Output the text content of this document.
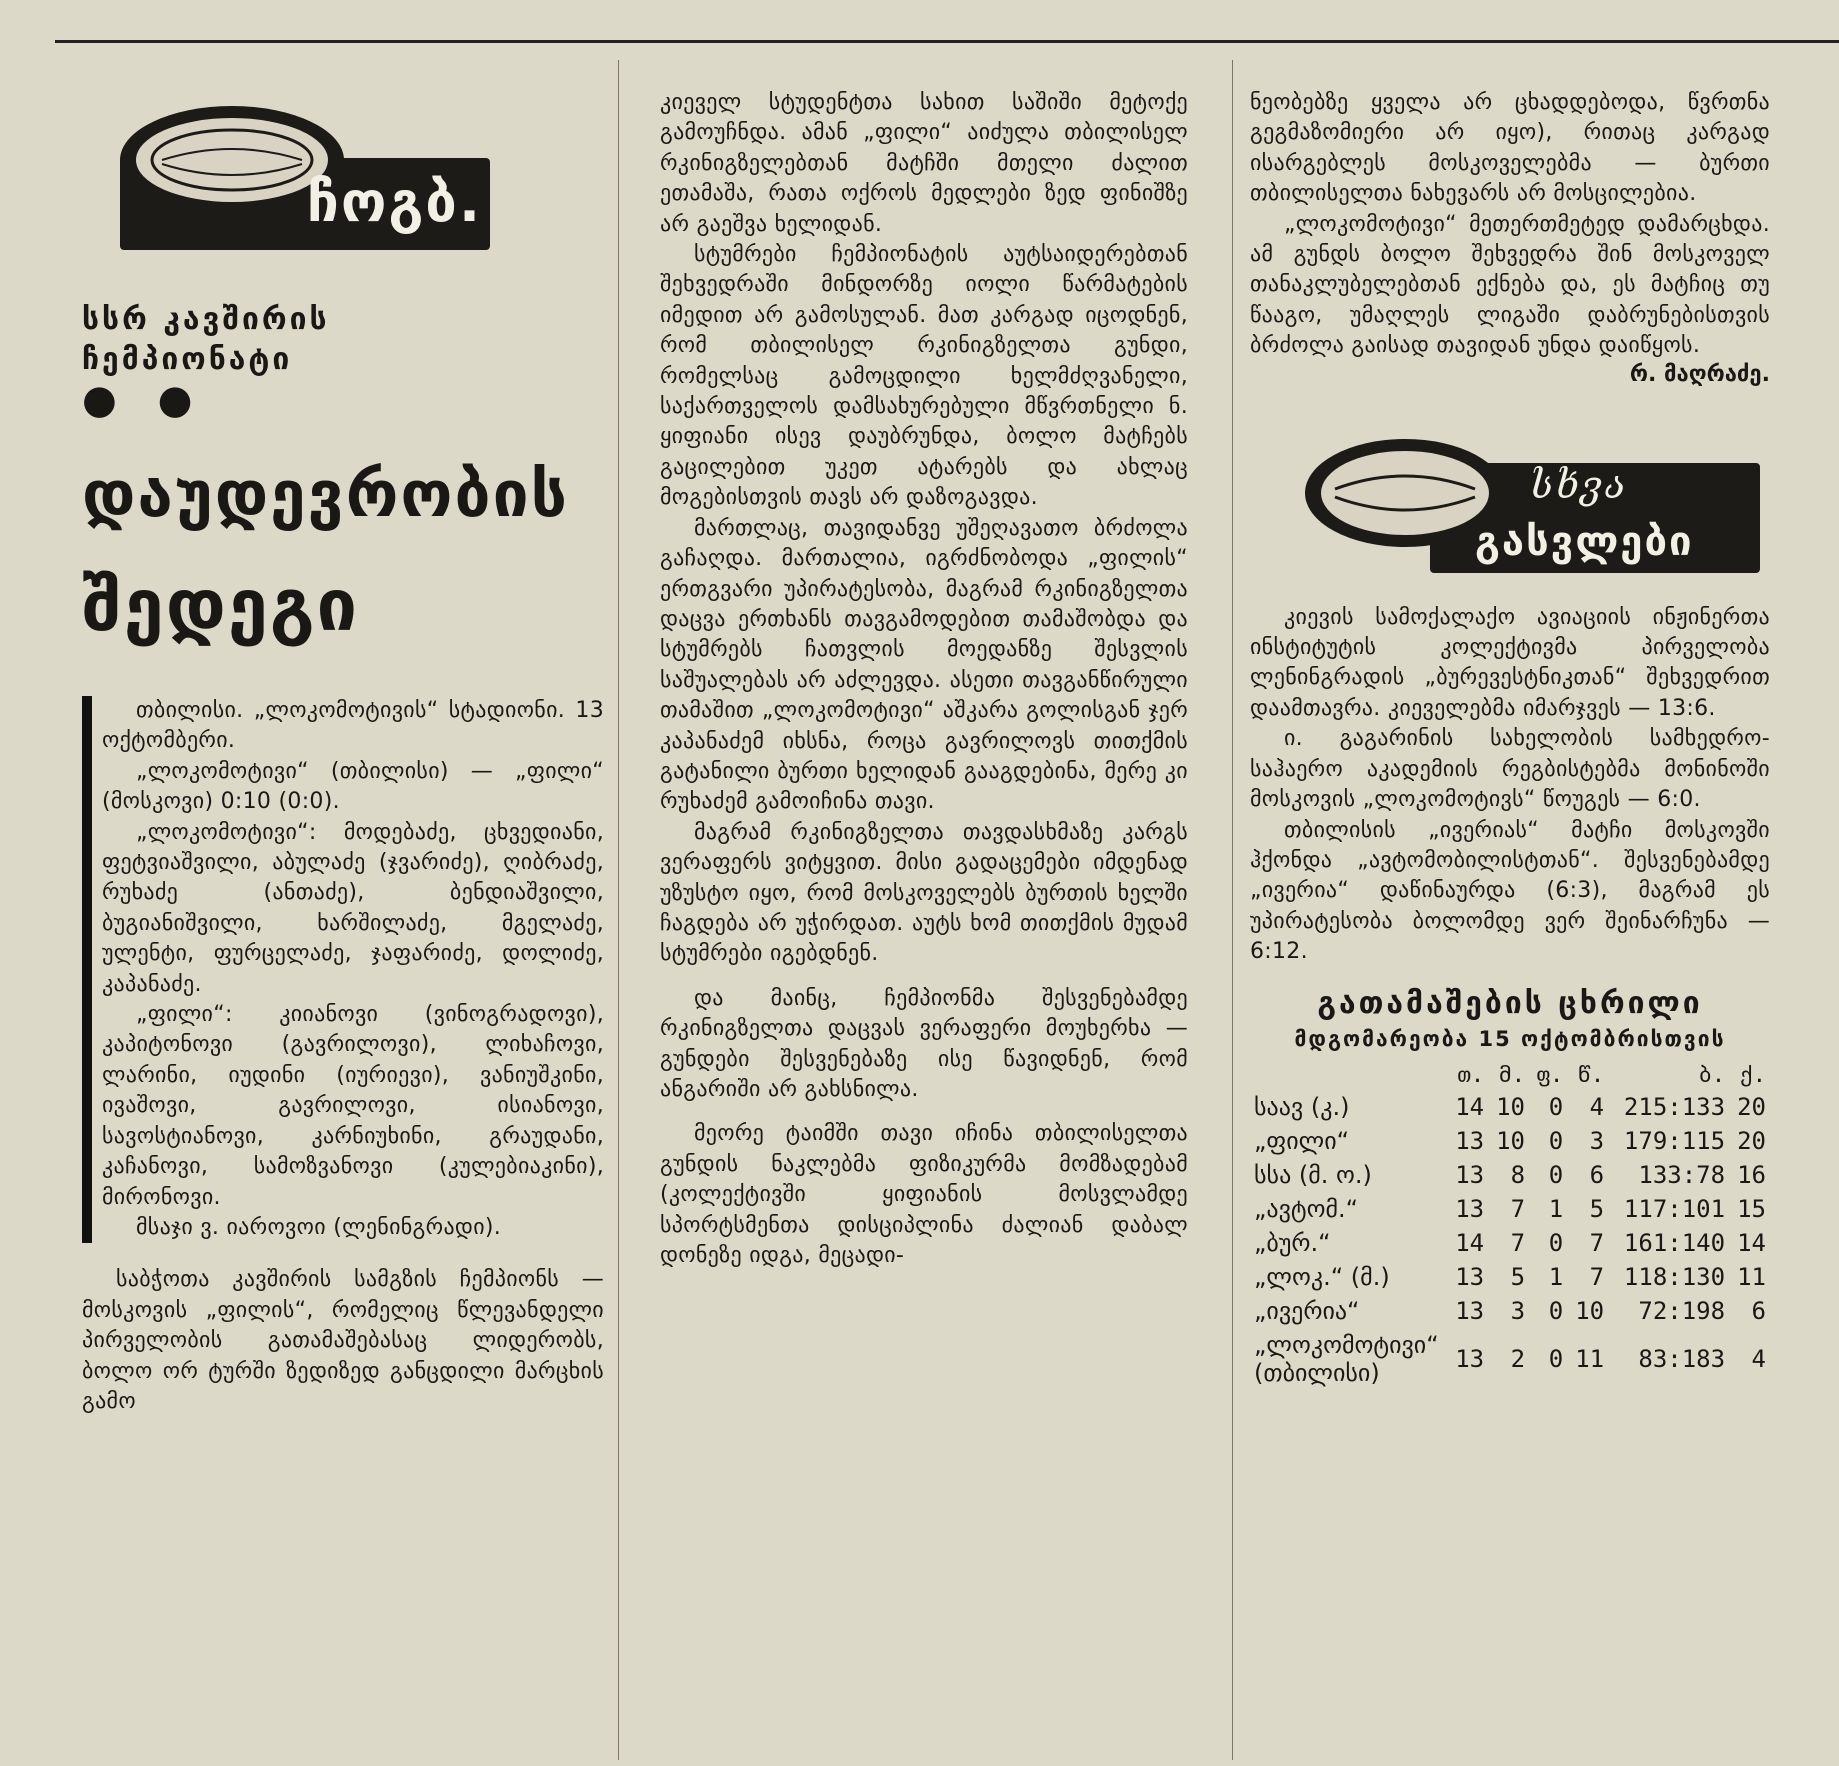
ჩოგბ.

სსრ კავშირის

ჩემპიონატი

● ●

დაუდევრობის

შედეგი

თბილისი. „ლოკომოტივის“ სტადიონი. 13 ოქტომბერი.

„ლოკომოტივი“ (თბილისი) — „ფილი“ (მოსკოვი) 0:10 (0:0).

„ლოკომოტივი“: მოდებაძე, ცხვედიანი, ფეტვიაშვილი, აბულაძე (ჯვარიძე), ღიბრაძე, რუხაძე (ანთაძე), ბენდიაშვილი, ბუგიანიშვილი, ხარშილაძე, მგელაძე, ულენტი, ფურცელაძე, ჯაფარიძე, დოლიძე, კაპანაძე.

„ფილი“: კიიანოვი (ვინოგრადოვი), კაპიტონოვი (გავრილოვი), ლიხაჩოვი, ლარინი, იუდინი (იურიევი), ვანიუშკინი, ივაშოვი, გავრილოვი, ისიანოვი, სავოსტიანოვი, კარნიუხინი, გრაუდანი, კაჩანოვი, სამოზვანოვი (კულებიაკინი), მირონოვი.

მსაჯი ვ. იაროვოი (ლენინგრადი).

საბჭოთა კავშირის სამგზის ჩემპიონს — მოსკოვის „ფილის“, რომელიც წლევანდელი პირველობის გათამაშებასაც ლიდერობს, ბოლო ორ ტურში ზედიზედ განცდილი მარცხის გამო

კიეველ სტუდენტთა სახით საშიში მეტოქე გამოუჩნდა. ამან „ფილი“ აიძულა თბილისელ რკინიგზელებთან მატჩში მთელი ძალით ეთამაშა, რათა ოქროს მედლები ზედ ფინიშზე არ გაეშვა ხელიდან.

სტუმრები ჩემპიონატის აუტსაიდერებთან შეხვედრაში მინდორზე იოლი წარმატების იმედით არ გამოსულან. მათ კარგად იცოდნენ, რომ თბილისელ რკინიგზელთა გუნდი, რომელსაც გამოცდილი ხელმძღვანელი, საქართველოს დამსახურებული მწვრთნელი ნ. ყიფიანი ისევ დაუბრუნდა, ბოლო მატჩებს გაცილებით უკეთ ატარებს და ახლაც მოგებისთვის თავს არ დაზოგავდა.

მართლაც, თავიდანვე უშეღავათო ბრძოლა გაჩაღდა. მართალია, იგრძნობოდა „ფილის“ ერთგვარი უპირატესობა, მაგრამ რკინიგზელთა დაცვა ერთხანს თავგამოდებით თამაშობდა და სტუმრებს ჩათვლის მოედანზე შესვლის საშუალებას არ აძლევდა. ასეთი თავგანწირული თამაშით „ლოკომოტივი“ აშკარა გოლისგან ჯერ კაპანაძემ იხსნა, როცა გავრილოვს თითქმის გატანილი ბურთი ხელიდან გააგდებინა, მერე კი რუხაძემ გამოიჩინა თავი.

მაგრამ რკინიგზელთა თავდასხმაზე კარგს ვერაფერს ვიტყვით. მისი გადაცემები იმდენად უზუსტო იყო, რომ მოსკოველებს ბურთის ხელში ჩაგდება არ უჭირდათ. აუტს ხომ თითქმის მუდამ სტუმრები იგებდნენ.

და მაინც, ჩემპიონმა შესვენებამდე რკინიგზელთა დაცვას ვერაფერი მოუხერხა — გუნდები შესვენებაზე ისე წავიდნენ, რომ ანგარიში არ გახსნილა.

მეორე ტაიმში თავი იჩინა თბილისელთა გუნდის ნაკლებმა ფიზიკურმა მომზადებამ (კოლექტივში ყიფიანის მოსვლამდე სპორტსმენთა დისციპლინა ძალიან დაბალ დონეზე იდგა, მეცადი-

ნეობებზე ყველა არ ცხადდებოდა, წვრთნა გეგმაზომიერი არ იყო), რითაც კარგად ისარგებლეს მოსკოველებმა — ბურთი თბილისელთა ნახევარს არ მოსცილებია.

„ლოკომოტივი“ მეთერთმეტედ დამარცხდა. ამ გუნდს ბოლო შეხვედრა შინ მოსკოველ თანაკლუბელებთან ექნება და, ეს მატჩიც თუ წააგო, უმაღლეს ლიგაში დაბრუნებისთვის ბრძოლა გაისად თავიდან უნდა დაიწყოს.

რ. მაღრაძე.

სხვა
გასვლები

კიევის სამოქალაქო ავიაციის ინჟინერთა ინსტიტუტის კოლექტივმა პირველობა ლენინგრადის „ბურევესტნიკთან“ შეხვედრით დაამთავრა. კიეველებმა იმარჯვეს — 13:6.

ი. გაგარინის სახელობის სამხედრო-საჰაერო აკადემიის რეგბისტებმა მონინოში მოსკოვის „ლოკომოტივს“ წოუგეს — 6:0.

თბილისის „ივერიას“ მატჩი მოსკოვში ჰქონდა „ავტომობილისტთან“. შესვენებამდე „ივერია“ დაწინაურდა (6:3), მაგრამ ეს უპირატესობა ბოლომდე ვერ შეინარჩუნა — 6:12.

გათამაშების ცხრილი

მდგომარეობა 15 ოქტომბრისთვის

	თ.	მ.	ფ.	წ.	ბ.	ქ.
საავ (კ.)	14	10	0	4	215:133	20
„ფილი“	13	10	0	3	179:115	20
სსა (მ. ო.)	13	8	0	6	133:78	16
„ავტომ.“	13	7	1	5	117:101	15
„ბურ.“	14	7	0	7	161:140	14
„ლოკ.“ (მ.)	13	5	1	7	118:130	11
„ივერია“	13	3	0	10	72:198	6
„ლოკომოტივი“ (თბილისი)	13	2	0	11	83:183	4
